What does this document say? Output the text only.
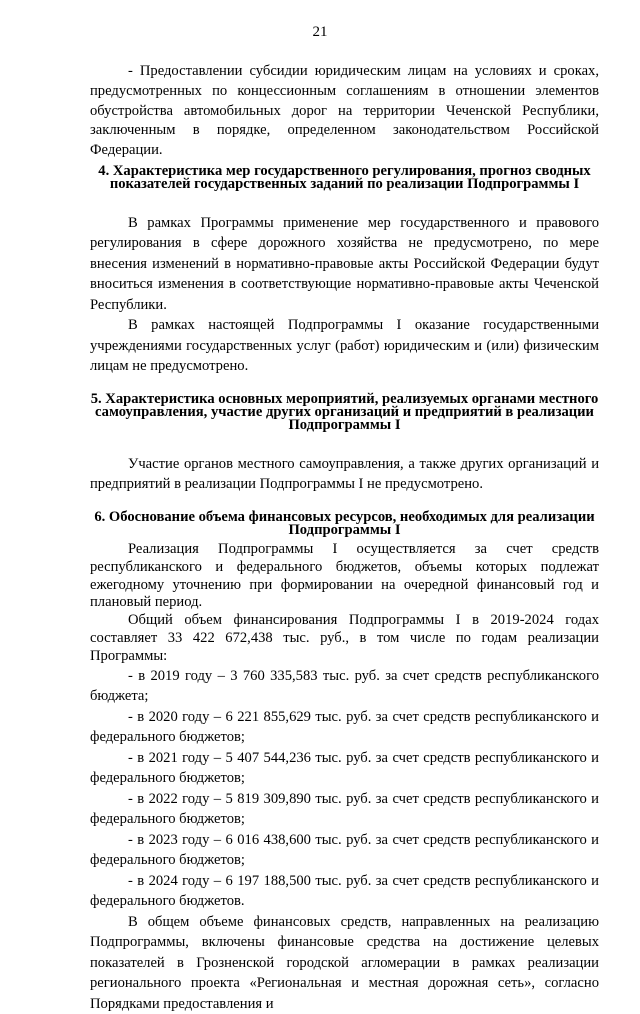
21

- Предоставлении субсидии юридическим лицам на условиях и сроках, предусмотренных по концессионным соглашениям в отношении элементов обустройства автомобильных дорог на территории Чеченской Республики, заключенным в порядке, определенном законодательством Российской Федерации.

4. Характеристика мер государственного регулирования, прогноз сводных показателей государственных заданий по реализации Подпрограммы I

В рамках Программы применение мер государственного и правового регулирования в сфере дорожного хозяйства не предусмотрено, по мере внесения изменений в нормативно-правовые акты Российской Федерации будут вноситься изменения в соответствующие нормативно-правовые акты Чеченской Республики.

В рамках настоящей Подпрограммы I оказание государственными учреждениями государственных услуг (работ) юридическим и (или) физическим лицам не предусмотрено.

5. Характеристика основных мероприятий, реализуемых органами местного самоуправления, участие других организаций и предприятий в реализации Подпрограммы I

Участие органов местного самоуправления, а также других организаций и предприятий в реализации Подпрограммы I не предусмотрено.

6. Обоснование объема финансовых ресурсов, необходимых для реализации Подпрограммы I

Реализация Подпрограммы I осуществляется за счет средств республиканского и федерального бюджетов, объемы которых подлежат ежегодному уточнению при формировании на очередной финансовый год и плановый период.

Общий объем финансирования Подпрограммы I в 2019-2024 годах составляет 33 422 672,438 тыс. руб., в том числе по годам реализации Программы:

- в 2019 году – 3 760 335,583 тыс. руб. за счет средств республиканского бюджета;

- в 2020 году – 6 221 855,629 тыс. руб. за счет средств республиканского и федерального бюджетов;

- в 2021 году – 5 407 544,236 тыс. руб. за счет средств республиканского и федерального бюджетов;

- в 2022 году – 5 819 309,890 тыс. руб. за счет средств республиканского и федерального бюджетов;

- в 2023 году – 6 016 438,600 тыс. руб. за счет средств республиканского и федерального бюджетов;

- в 2024 году – 6 197 188,500 тыс. руб. за счет средств республиканского и федерального бюджетов.

В общем объеме финансовых средств, направленных на реализацию Подпрограммы, включены финансовые средства на достижение целевых показателей в Грозненской городской агломерации в рамках реализации регионального проекта «Региональная и местная дорожная сеть», согласно Порядками предоставления и
